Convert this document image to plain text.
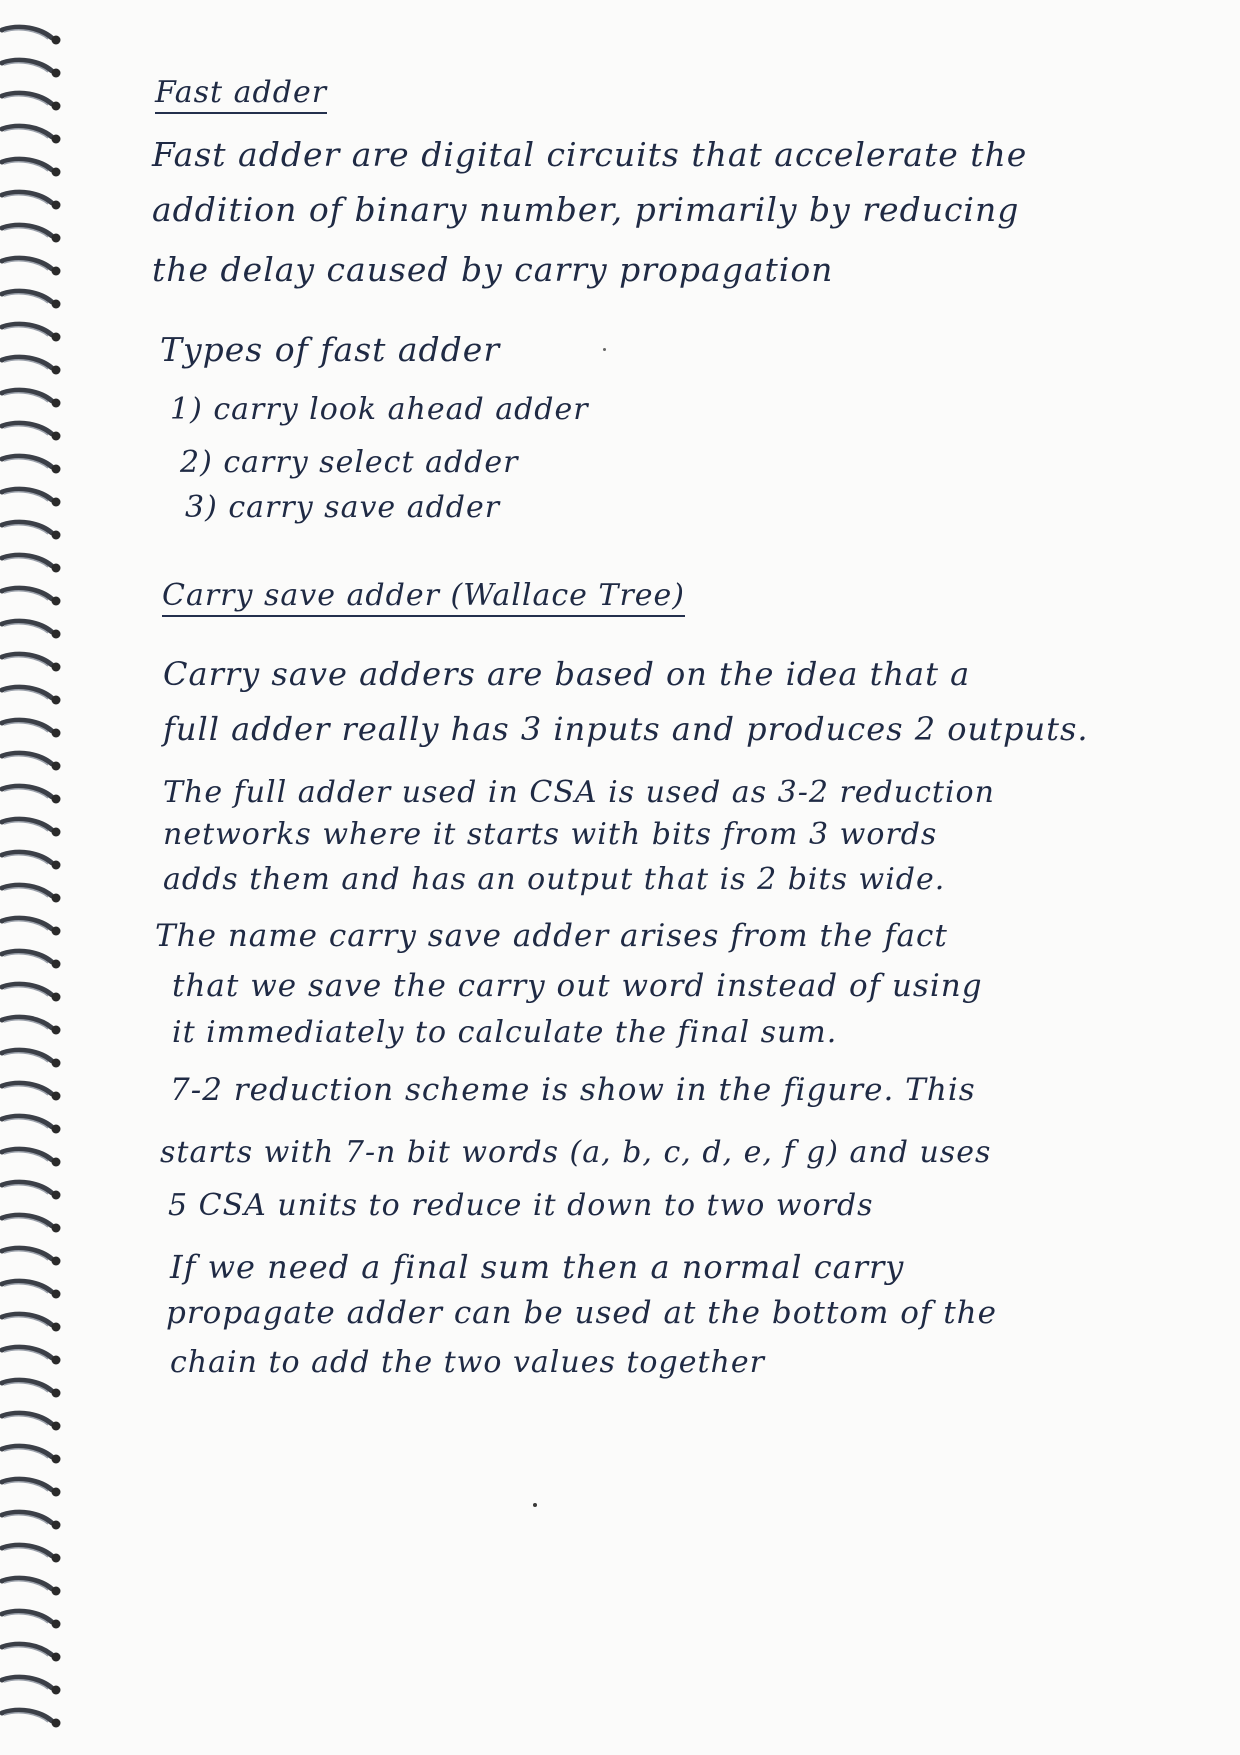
Fast adder
Fast adder are digital circuits that accelerate the
addition of binary number, primarily by reducing
the delay caused by carry propagation
Types of fast adder
1) carry look ahead adder
2) carry select adder
3) carry save adder
Carry save adder (Wallace Tree)
Carry save adders are based on the idea that a
full adder really has 3 inputs and produces 2 outputs.
The full adder used in CSA is used as 3-2 reduction
networks where it starts with bits from 3 words
adds them and has an output that is 2 bits wide.
The name carry save adder arises from the fact
that we save the carry out word instead of using
it immediately to calculate the final sum.
7-2 reduction scheme is show in the figure. This
starts with 7-n bit words (a, b, c, d, e, f g) and uses
5 CSA units to reduce it down to two words
If we need a final sum then a normal carry
propagate adder can be used at the bottom of the
chain to add the two values together
